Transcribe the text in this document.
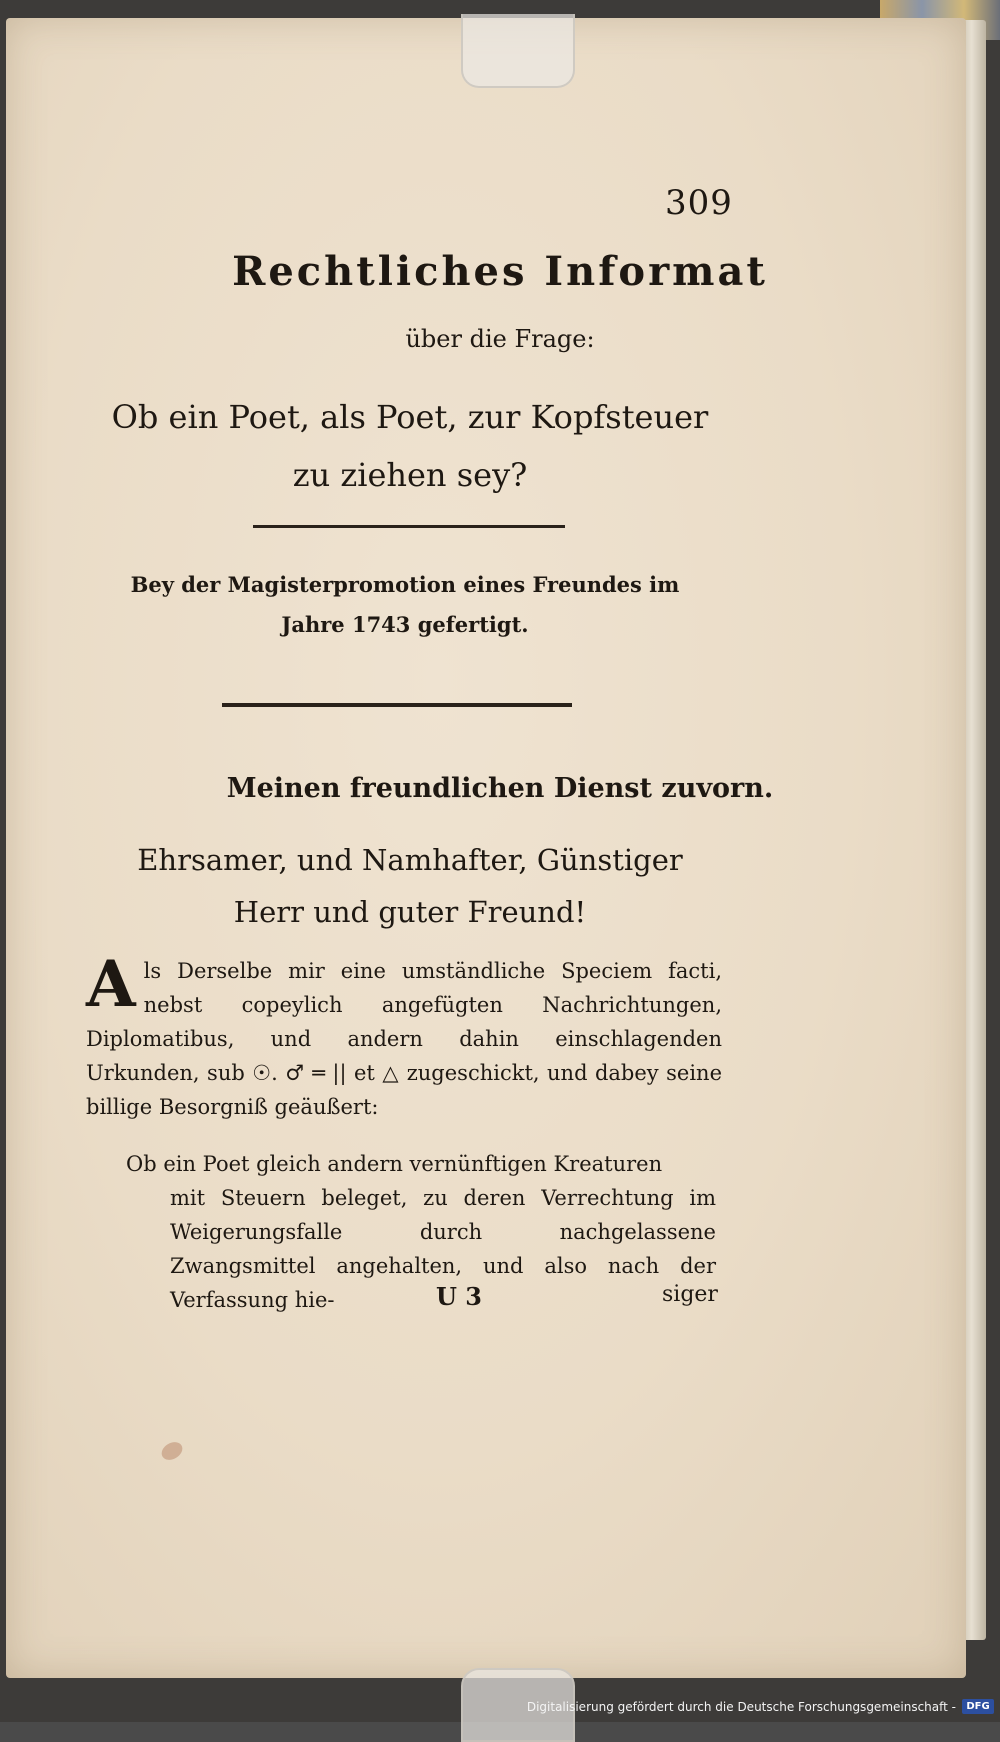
309
Rechtliches Informat
über die Frage:
Ob ein Poet, als Poet, zur Kopfsteuer zu ziehen sey?
Bey der Magisterpromotion eines Freundes im Jahre 1743 gefertigt.
Meinen freundlichen Dienst zuvorn.
Ehrsamer, und Namhafter, Günstiger Herr und guter Freund!
Als Derselbe mir eine umständliche Speciem facti, nebst copeylich angefügten Nachrichtungen, Diplomatibus, und andern dahin einschlagenden Urkunden, sub ☉. ♂ ═ || et △ zugeschickt, und dabey seine billige Besorgniß geäußert:
Ob ein Poet gleich andern vernünftigen Kreaturen
mit Steuern beleget, zu deren Verrechtung im Weigerungsfalle durch nachgelassene Zwangsmittel angehalten, und also nach der Verfassung hie-	U 3	siger
Digitalisierung gefördert durch die Deutsche Forschungsgemeinschaft -	DFG
